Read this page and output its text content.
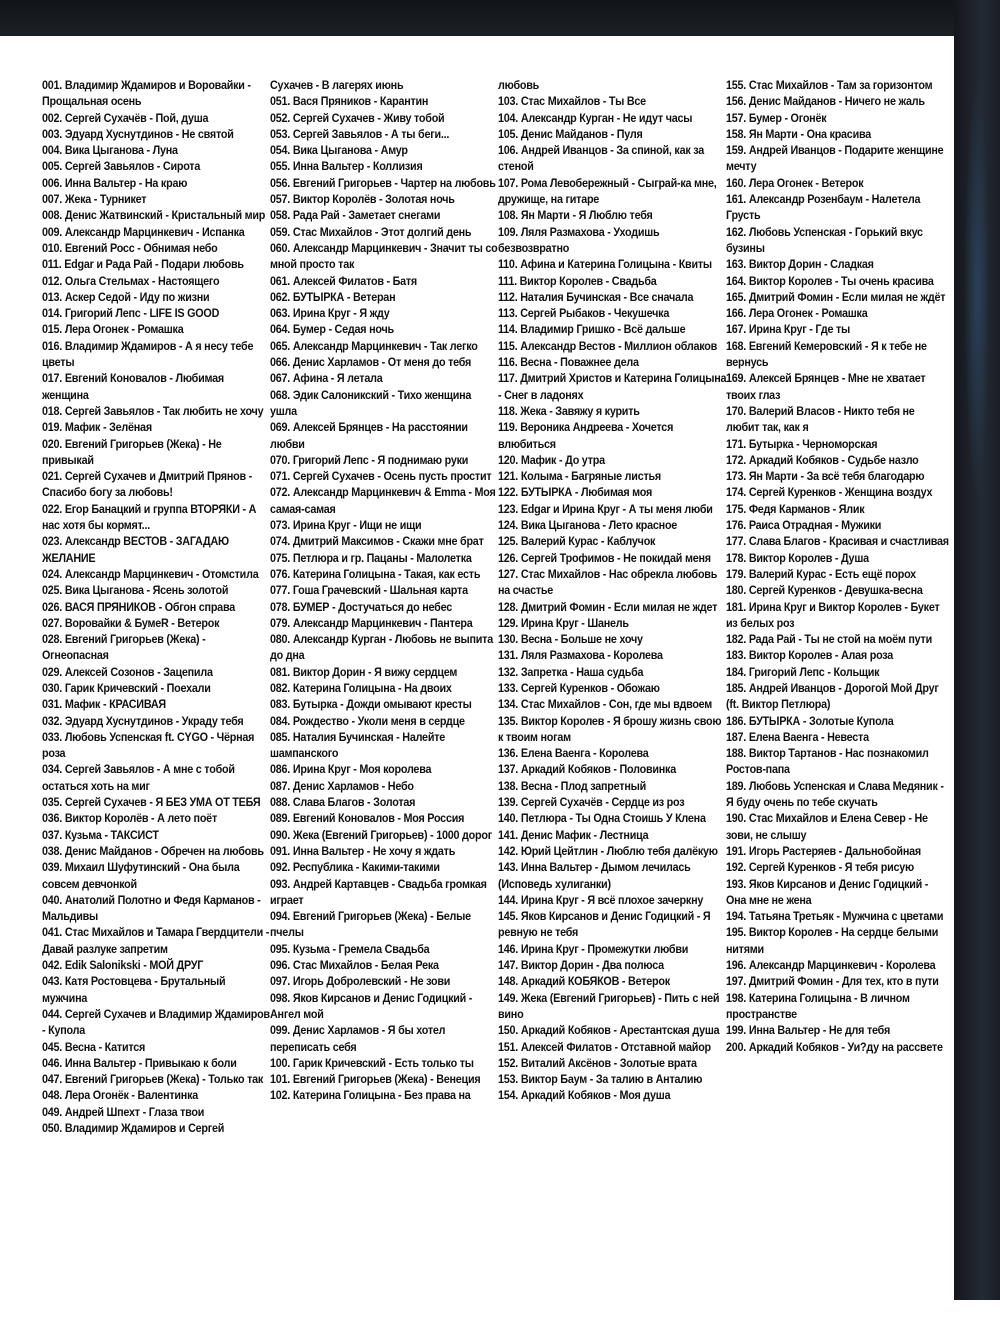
001. Владимир Ждамиров и Воровайки - Прощальная осень

002. Сергей Сухачёв - Пой, душа

003. Эдуард Хуснутдинов - Не святой

004. Вика Цыганова - Луна

005. Сергей Завьялов - Сирота

006. Инна Вальтер - На краю

007. Жека - Турникет

008. Денис Жатвинский - Кристальный мир

009. Александр Марцинкевич - Испанка

010. Евгений Росс - Обнимая небо

011. Edgar и Рада Рай - Подари любовь

012. Ольга Стельмах - Настоящего

013. Аскер Седой - Иду по жизни

014. Григорий Лепс - LIFE IS GOOD

015. Лера Огонек - Ромашка

016. Владимир Ждамиров - А я несу тебе цветы

017. Евгений Коновалов - Любимая женщина

018. Сергей Завьялов - Так любить не хочу

019. Мафик - Зелёная

020. Евгений Григорьев (Жека) - Не привыкай

021. Сергей Сухачев и Дмитрий Прянов - Спасибо богу за любовь!

022. Егор Банацкий и группа ВТОРЯКИ - А нас хотя бы кормят...

023. Александр ВЕСТОВ - ЗАГАДАЮ ЖЕЛАНИЕ

024. Александр Марцинкевич - Отомстила

025. Вика Цыганова - Ясень золотой

026. ВАСЯ ПРЯНИКОВ - Обгон справа

027. Воровайки & БумеR - Ветерок

028. Евгений Григорьев (Жека) - Огнеопасная

029. Алексей Созонов - Зацепила

030. Гарик Кричевский - Поехали

031. Мафик - КРАСИВАЯ

032. Эдуард Хуснутдинов - Украду тебя

033. Любовь Успенская ft. CYGO - Чёрная роза

034. Сергей Завьялов - А мне с тобой остаться хоть на миг

035. Сергей Сухачев - Я БЕЗ УМА ОТ ТЕБЯ

036. Виктор Королёв - А лето поёт

037. Кузьма - ТАКСИСТ

038. Денис Майданов - Обречен на любовь

039. Михаил Шуфутинский - Она была совсем девчонкой

040. Анатолий Полотно и Федя Карманов - Мальдивы

041. Стас Михайлов и Тамара Гвердцители - Давай разлуке запретим

042. Edik Salonikski - МОЙ ДРУГ

043. Катя Ростовцева - Брутальный мужчина

044. Сергей Сухачев и Владимир Ждамиров - Купола

045. Весна - Катится

046. Инна Вальтер - Привыкаю к боли

047. Евгений Григорьев (Жека) - Только так

048. Лера Огонёк - Валентинка

049. Андрей Шпехт - Глаза твои

050. Владимир Ждамиров и Сергей

Сухачев - В лагерях июнь

051. Вася Пряников - Карантин

052. Сергей Сухачев - Живу тобой

053. Сергей Завьялов - А ты беги...

054. Вика Цыганова - Амур

055. Инна Вальтер - Коллизия

056. Евгений Григорьев - Чартер на любовь

057. Виктор Королёв - Золотая ночь

058. Рада Рай - Заметает снегами

059. Стас Михайлов - Этот долгий день

060. Александр Марцинкевич - Значит ты со мной просто так

061. Алексей Филатов - Батя

062. БУТЫРКА - Ветеран

063. Ирина Круг - Я жду

064. Бумер - Седая ночь

065. Александр Марцинкевич - Так легко

066. Денис Харламов - От меня до тебя

067. Афина - Я летала

068. Эдик Салоникский - Тихо женщина ушла

069. Алексей Брянцев - На расстоянии любви

070. Григорий Лепс - Я поднимаю руки

071. Сергей Сухачев - Осень пусть простит

072. Александр Марцинкевич & Emma - Моя самая-самая

073. Ирина Круг - Ищи не ищи

074. Дмитрий Максимов - Скажи мне брат

075. Петлюра и гр. Пацаны - Малолетка

076. Катерина Голицына - Такая, как есть

077. Гоша Грачевский - Шальная карта

078. БУМЕР - Достучаться до небес

079. Александр Марцинкевич - Пантера

080. Александр Курган - Любовь не выпита до дна

081. Виктор Дорин - Я вижу сердцем

082. Катерина Голицына - На двоих

083. Бутырка - Дожди омывают кресты

084. Рождество - Уколи меня в сердце

085. Наталия Бучинская - Налейте шампанского

086. Ирина Круг - Моя королева

087. Денис Харламов - Небо

088. Слава Благов - Золотая

089. Евгений Коновалов - Моя Россия

090. Жека (Евгений Григорьев) - 1000 дорог

091. Инна Вальтер - Не хочу я ждать

092. Республика - Какими-такими

093. Андрей Картавцев - Свадьба громкая играет

094. Евгений Григорьев (Жека) - Белые пчелы

095. Кузьма - Гремела Свадьба

096. Стас Михайлов - Белая Река

097. Игорь Добролевский - Не зови

098. Яков Кирсанов и Денис Годицкий - Ангел мой

099. Денис Харламов - Я бы хотел переписать себя

100. Гарик Кричевский - Есть только ты

101. Евгений Григорьев (Жека) - Венеция

102. Катерина Голицына - Без права на

любовь

103. Стас Михайлов - Ты Все

104. Александр Курган - Не идут часы

105. Денис Майданов - Пуля

106. Андрей Иванцов - За спиной, как за стеной

107. Рома Левобережный - Сыграй-ка мне, дружище, на гитаре

108. Ян Марти - Я Люблю тебя

109. Ляля Размахова - Уходишь безвозвратно

110. Афина и Катерина Голицына - Квиты

111. Виктор Королев - Свадьба

112. Наталия Бучинская - Все сначала

113. Сергей Рыбаков - Чекушечка

114. Владимир Гришко - Всё дальше

115. Александр Вестов - Миллион облаков

116. Весна - Поважнее дела

117. Дмитрий Христов и Катерина Голицына - Снег в ладонях

118. Жека - Завяжу я курить

119. Вероника Андреева - Хочется влюбиться

120. Мафик - До утра

121. Колыма - Багряные листья

122. БУТЫРКА - Любимая моя

123. Edgar и Ирина Круг - А ты меня люби

124. Вика Цыганова - Лето красное

125. Валерий Курас - Каблучок

126. Сергей Трофимов - Не покидай меня

127. Стас Михайлов - Нас обрекла любовь на счастье

128. Дмитрий Фомин - Если милая не ждет

129. Ирина Круг - Шанель

130. Весна - Больше не хочу

131. Ляля Размахова - Королева

132. Запретка - Наша судьба

133. Сергей Куренков - Обожаю

134. Стас Михайлов - Сон, где мы вдвоем

135. Виктор Королев - Я брошу жизнь свою к твоим ногам

136. Елена Ваенга - Королева

137. Аркадий Кобяков - Половинка

138. Весна - Плод запретный

139. Сергей Сухачёв - Сердце из роз

140. Петлюра - Ты Одна Стоишь У Клена

141. Денис Мафик - Лестница

142. Юрий Цейтлин - Люблю тебя далёкую

143. Инна Вальтер - Дымом лечилась (Исповедь хулиганки)

144. Ирина Круг - Я всё плохое зачеркну

145. Яков Кирсанов и Денис Годицкий - Я ревную не тебя

146. Ирина Круг - Промежутки любви

147. Виктор Дорин - Два полюса

148. Аркадий КОБЯКОВ - Ветерок

149. Жека (Евгений Григорьев) - Пить с ней вино

150. Аркадий Кобяков - Арестантская душа

151. Алексей Филатов - Отставной майор

152. Виталий Аксёнов - Золотые врата

153. Виктор Баум - За талию в Анталию

154. Аркадий Кобяков - Моя душа

155. Стас Михайлов - Там за горизонтом

156. Денис Майданов - Ничего не жаль

157. Бумер - Огонёк

158. Ян Марти - Она красива

159. Андрей Иванцов - Подарите женщине мечту

160. Лера Огонек - Ветерок

161. Александр Розенбаум - Налетела Грусть

162. Любовь Успенская - Горький вкус бузины

163. Виктор Дорин - Сладкая

164. Виктор Королев - Ты очень красива

165. Дмитрий Фомин - Если милая не ждёт

166. Лера Огонек - Ромашка

167. Ирина Круг - Где ты

168. Евгений Кемеровский - Я к тебе не вернусь

169. Алексей Брянцев - Мне не хватает твоих глаз

170. Валерий Власов - Никто тебя не любит так, как я

171. Бутырка - Черноморская

172. Аркадий Кобяков - Судьбе назло

173. Ян Марти - За всё тебя благодарю

174. Сергей Куренков - Женщина воздух

175. Федя Карманов - Ялик

176. Раиса Отрадная - Мужики

177. Слава Благов - Красивая и счастливая

178. Виктор Королев - Душа

179. Валерий Курас - Есть ещё порох

180. Сергей Куренков - Девушка-весна

181. Ирина Круг и Виктор Королев - Букет из белых роз

182. Рада Рай - Ты не стой на моём пути

183. Виктор Королев - Алая роза

184. Григорий Лепс - Кольщик

185. Андрей Иванцов - Дорогой Мой Друг (ft. Виктор Петлюра)

186. БУТЫРКА - Золотые Купола

187. Елена Ваенга - Невеста

188. Виктор Тартанов - Нас познакомил Ростов-папа

189. Любовь Успенская и Слава Медяник - Я буду очень по тебе скучать

190. Стас Михайлов и Елена Север - Не зови, не слышу

191. Игорь Растеряев - Дальнобойная

192. Сергей Куренков - Я тебя рисую

193. Яков Кирсанов и Денис Годицкий - Она мне не жена

194. Татьяна Третьяк - Мужчина с цветами

195. Виктор Королев - На сердце белыми нитями

196. Александр Марцинкевич - Королева

197. Дмитрий Фомин - Для тех, кто в пути

198. Катерина Голицына - В личном пространстве

199. Инна Вальтер - Не для тебя

200. Аркадий Кобяков - Уи?ду на рассвете
